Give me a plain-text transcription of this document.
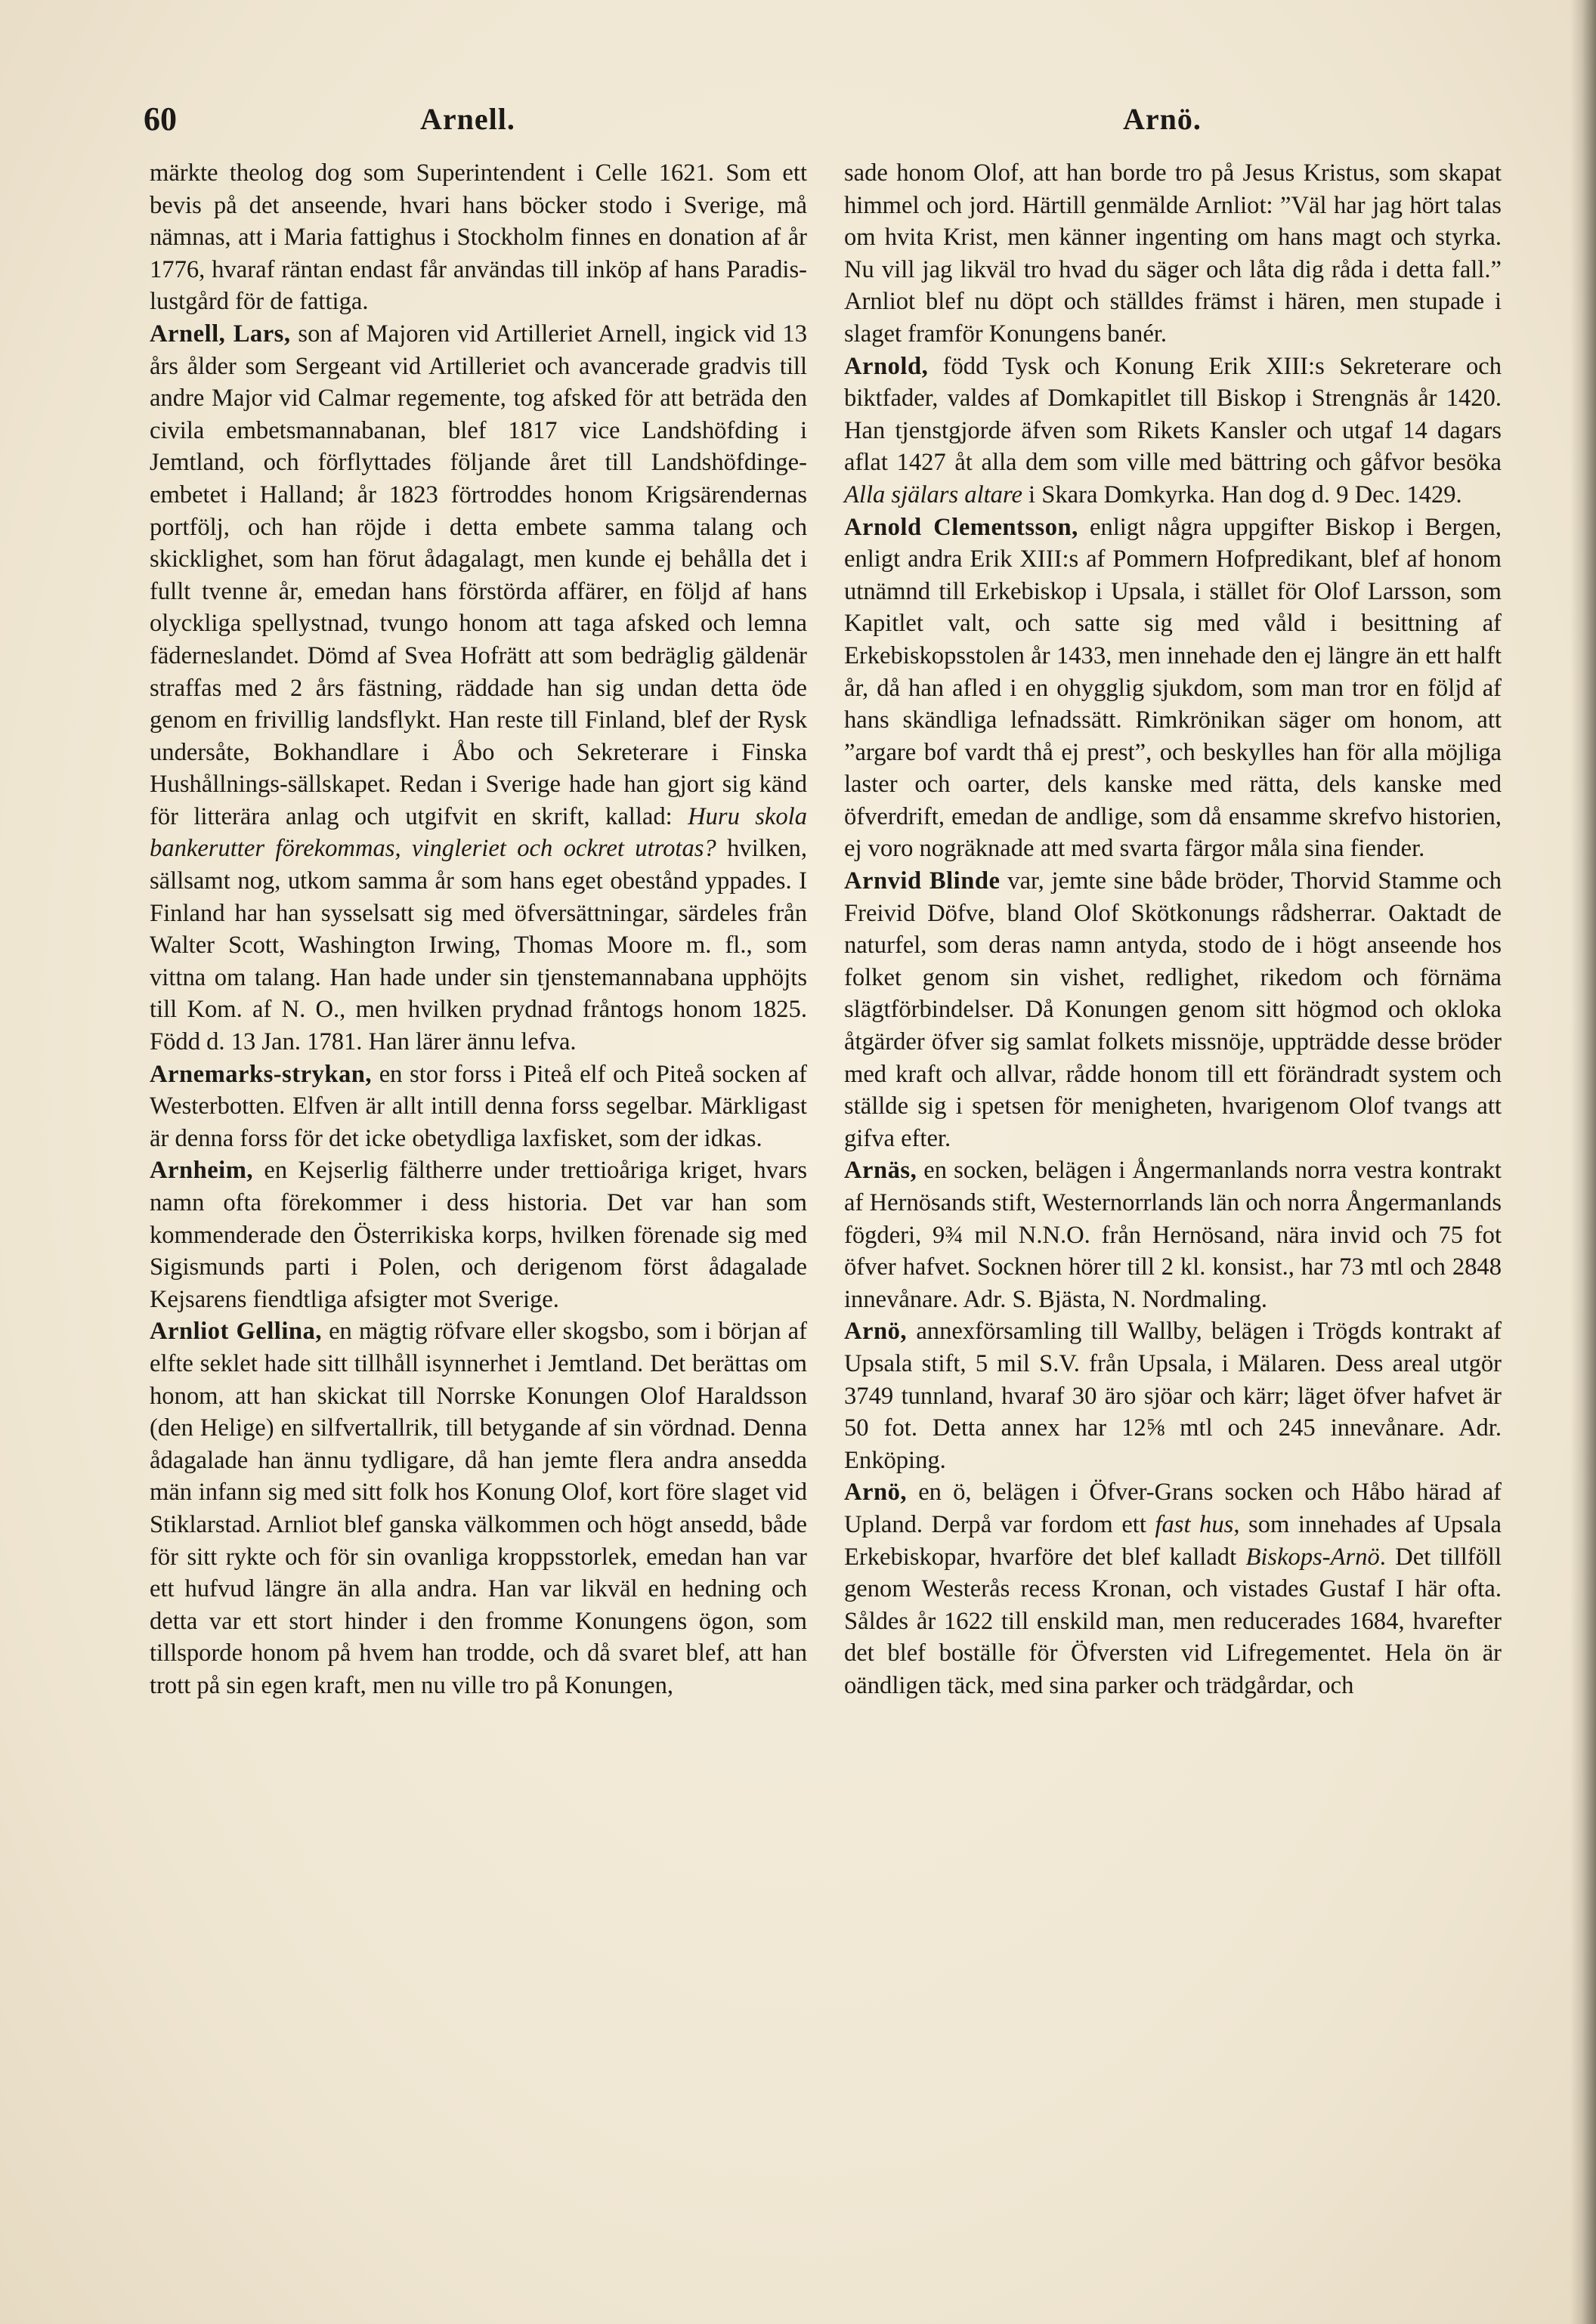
60	Arnell.	Arnö.

märkte theolog dog som Superintendent i Celle 1621. Som ett bevis på det anseende, hvari hans böcker stodo i Sverige, må nämnas, att i Maria fattighus i Stockholm finnes en donation af år 1776, hvaraf räntan endast får användas till inköp af hans Paradis-lustgård för de fattiga.

Arnell, Lars, son af Majoren vid Artilleriet Arnell, ingick vid 13 års ålder som Sergeant vid Artilleriet och avancerade gradvis till andre Major vid Calmar regemente, tog afsked för att beträda den civila embetsmannabanan, blef 1817 vice Landshöfding i Jemtland, och förflyttades följande året till Landshöfdinge-embetet i Halland; år 1823 förtroddes honom Krigsärendernas portfölj, och han röjde i detta embete samma talang och skicklighet, som han förut ådagalagt, men kunde ej behålla det i fullt tvenne år, emedan hans förstörda affärer, en följd af hans olyckliga spellystnad, tvungo honom att taga afsked och lemna fäderneslandet. Dömd af Svea Hofrätt att som bedräglig gäldenär straffas med 2 års fästning, räddade han sig undan detta öde genom en frivillig landsflykt. Han reste till Finland, blef der Rysk undersåte, Bokhandlare i Åbo och Sekreterare i Finska Hushållnings-sällskapet. Redan i Sverige hade han gjort sig känd för litterära anlag och utgifvit en skrift, kallad: Huru skola bankerutter förekommas, vingleriet och ockret utrotas? hvilken, sällsamt nog, utkom samma år som hans eget obestånd yppades. I Finland har han sysselsatt sig med öfversättningar, särdeles från Walter Scott, Washington Irwing, Thomas Moore m. fl., som vittna om talang. Han hade under sin tjenstemannabana upphöjts till Kom. af N. O., men hvilken prydnad fråntogs honom 1825. Född d. 13 Jan. 1781. Han lärer ännu lefva.

Arnemarks-strykan, en stor forss i Piteå elf och Piteå socken af Westerbotten. Elfven är allt intill denna forss segelbar. Märkligast är denna forss för det icke obetydliga laxfisket, som der idkas.

Arnheim, en Kejserlig fältherre under trettioåriga kriget, hvars namn ofta förekommer i dess historia. Det var han som kommenderade den Österrikiska korps, hvilken förenade sig med Sigismunds parti i Polen, och derigenom först ådagalade Kejsarens fiendtliga afsigter mot Sverige.

Arnliot Gellina, en mägtig röfvare eller skogsbo, som i början af elfte seklet hade sitt tillhåll isynnerhet i Jemtland. Det berättas om honom, att han skickat till Norrske Konungen Olof Haraldsson (den Helige) en silfvertallrik, till betygande af sin vördnad. Denna ådagalade han ännu tydligare, då han jemte flera andra ansedda män infann sig med sitt folk hos Konung Olof, kort före slaget vid Stiklarstad. Arnliot blef ganska välkommen och högt ansedd, både för sitt rykte och för sin ovanliga kroppsstorlek, emedan han var ett hufvud längre än alla andra. Han var likväl en hedning och detta var ett stort hinder i den fromme Konungens ögon, som tillsporde honom på hvem han trodde, och då svaret blef, att han trott på sin egen kraft, men nu ville tro på Konungen,

sade honom Olof, att han borde tro på Jesus Kristus, som skapat himmel och jord. Härtill genmälde Arnliot: ”Väl har jag hört talas om hvita Krist, men känner ingenting om hans magt och styrka. Nu vill jag likväl tro hvad du säger och låta dig råda i detta fall.” Arnliot blef nu döpt och ställdes främst i hären, men stupade i slaget framför Konungens banér.

Arnold, född Tysk och Konung Erik XIII:s Sekreterare och biktfader, valdes af Domkapitlet till Biskop i Strengnäs år 1420. Han tjenstgjorde äfven som Rikets Kansler och utgaf 14 dagars aflat 1427 åt alla dem som ville med bättring och gåfvor besöka Alla själars altare i Skara Domkyrka. Han dog d. 9 Dec. 1429.

Arnold Clementsson, enligt några uppgifter Biskop i Bergen, enligt andra Erik XIII:s af Pommern Hofpredikant, blef af honom utnämnd till Erkebiskop i Upsala, i stället för Olof Larsson, som Kapitlet valt, och satte sig med våld i besittning af Erkebiskopsstolen år 1433, men innehade den ej längre än ett halft år, då han afled i en ohygglig sjukdom, som man tror en följd af hans skändliga lefnadssätt. Rimkrönikan säger om honom, att ”argare bof vardt thå ej prest”, och beskylles han för alla möjliga laster och oarter, dels kanske med rätta, dels kanske med öfverdrift, emedan de andlige, som då ensamme skrefvo historien, ej voro nogräknade att med svarta färgor måla sina fiender.

Arnvid Blinde var, jemte sine både bröder, Thorvid Stamme och Freivid Döfve, bland Olof Skötkonungs rådsherrar. Oaktadt de naturfel, som deras namn antyda, stodo de i högt anseende hos folket genom sin vishet, redlighet, rikedom och förnäma slägtförbindelser. Då Konungen genom sitt högmod och okloka åtgärder öfver sig samlat folkets missnöje, uppträdde desse bröder med kraft och allvar, rådde honom till ett förändradt system och ställde sig i spetsen för menigheten, hvarigenom Olof tvangs att gifva efter.

Arnäs, en socken, belägen i Ångermanlands norra vestra kontrakt af Hernösands stift, Westernorrlands län och norra Ångermanlands fögderi, 9¾ mil N.N.O. från Hernösand, nära invid och 75 fot öfver hafvet. Socknen hörer till 2 kl. konsist., har 73 mtl och 2848 innevånare. Adr. S. Bjästa, N. Nordmaling.

Arnö, annexförsamling till Wallby, belägen i Trögds kontrakt af Upsala stift, 5 mil S.V. från Upsala, i Mälaren. Dess areal utgör 3749 tunnland, hvaraf 30 äro sjöar och kärr; läget öfver hafvet är 50 fot. Detta annex har 12⅝ mtl och 245 innevånare. Adr. Enköping.

Arnö, en ö, belägen i Öfver-Grans socken och Håbo härad af Upland. Derpå var fordom ett fast hus, som innehades af Upsala Erkebiskopar, hvarföre det blef kalladt Biskops-Arnö. Det tillföll genom Westerås recess Kronan, och vistades Gustaf I här ofta. Såldes år 1622 till enskild man, men reducerades 1684, hvarefter det blef boställe för Öfversten vid Lifregementet. Hela ön är oändligen täck, med sina parker och trädgårdar, och
